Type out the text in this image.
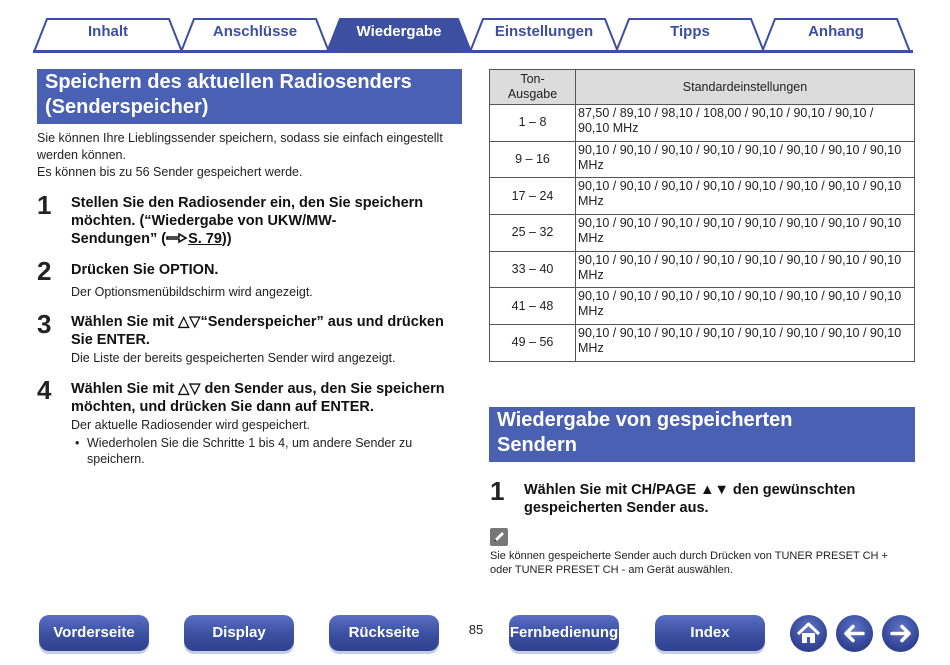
Inhalt	Anschlüsse	Wiedergabe	Einstellungen	Tipps	Anhang
Speichern des aktuellen Radiosenders
(Senderspeicher)

Sie können Ihre Lieblingssender speichern, sodass sie einfach eingestellt

werden können.

Es können bis zu 56 Sender gespeichert werde.

1 Stellen Sie den Radiosender ein, den Sie speichern
möchten. (“Wiedergabe von UKW/MW-
Sendungen” ( S. 79))
2 Drücken Sie OPTION.
Der Optionsmenübildschirm wird angezeigt.
3 Wählen Sie mit △▽“Senderspeicher” aus und drücken
Sie ENTER.
Die Liste der bereits gespeicherten Sender wird angezeigt.
4 Wählen Sie mit △▽ den Sender aus, den Sie speichern
möchten, und drücken Sie dann auf ENTER.
Der aktuelle Radiosender wird gespeichert.
• Wiederholen Sie die Schritte 1 bis 4, um andere Sender zu
speichern.
Ton-
Ausgabe	Standardeinstellungen
1 – 8	87,50 / 89,10 / 98,10 / 108,00 / 90,10 / 90,10 / 90,10 /
90,10 MHz

9 – 16	90,10 / 90,10 / 90,10 / 90,10 / 90,10 / 90,10 / 90,10 / 90,10
MHz

17 – 24	90,10 / 90,10 / 90,10 / 90,10 / 90,10 / 90,10 / 90,10 / 90,10
MHz

25 – 32	90,10 / 90,10 / 90,10 / 90,10 / 90,10 / 90,10 / 90,10 / 90,10
MHz

33 – 40	90,10 / 90,10 / 90,10 / 90,10 / 90,10 / 90,10 / 90,10 / 90,10
MHz

41 – 48	90,10 / 90,10 / 90,10 / 90,10 / 90,10 / 90,10 / 90,10 / 90,10
MHz

49 – 56	90,10 / 90,10 / 90,10 / 90,10 / 90,10 / 90,10 / 90,10 / 90,10
MHz
Wiedergabe von gespeicherten
Sendern
1 Wählen Sie mit CH/PAGE ▲▼ den gewünschten
gespeicherten Sender aus.
Sie können gespeicherte Sender auch durch Drücken von TUNER PRESET CH +
oder TUNER PRESET CH - am Gerät auswählen.
Vorderseite	Display	Rückseite	85	Fernbedienung	Index
